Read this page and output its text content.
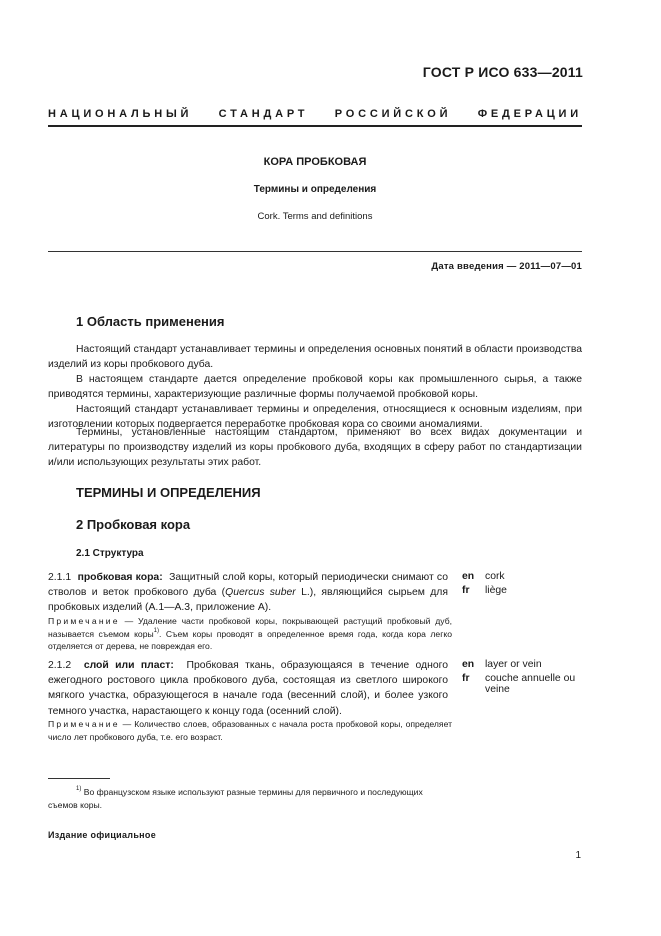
ГОСТ Р ИСО 633—2011
НАЦИОНАЛЬНЫЙ СТАНДАРТ РОССИЙСКОЙ ФЕДЕРАЦИИ
КОРА ПРОБКОВАЯ
Термины и определения
Cork. Terms and definitions
Дата введения — 2011—07—01
1 Область применения
Настоящий стандарт устанавливает термины и определения основных понятий в области производства изделий из коры пробкового дуба.
В настоящем стандарте дается определение пробковой коры как промышленного сырья, а также приводятся термины, характеризующие различные формы получаемой пробковой коры.
Настоящий стандарт устанавливает термины и определения, относящиеся к основным изделиям, при изготовлении которых подвергается переработке пробковая кора со своими аномалиями.
Термины, установленные настоящим стандартом, применяют во всех видах документации и литературы по производству изделий из коры пробкового дуба, входящих в сферу работ по стандартизации и/или использующих результаты этих работ.
ТЕРМИНЫ И ОПРЕДЕЛЕНИЯ
2 Пробковая кора
2.1 Структура
2.1.1 пробковая кора: Защитный слой коры, который периодически снимают со стволов и веток пробкового дуба (Quercus suber L.), являющийся сырьем для пробковых изделий (А.1—А.3, приложение А).
en
fr
cork
liège
Примечание — Удаление части пробковой коры, покрывающей растущий пробковый дуб, называется съемом коры$^{1)}$. Съем коры проводят в определенное время года, когда кора легко отделяется от дерева, не повреждая его.
2.1.2 слой или пласт: Пробковая ткань, образующаяся в течение одного ежегодного ростового цикла пробкового дуба, состоящая из светлого широкого мягкого участка, образующегося в начале года (весенний слой), и более узкого темного участка, нарастающего к концу года (осенний слой).
en
fr
layer or vein
couche annuelle ou veine
Примечание — Количество слоев, образованных с начала роста пробковой коры, определяет число лет пробкового дуба, т.е. его возраст.
$^{1)}$ Во французском языке используют разные термины для первичного и последующих съемов коры.
Издание официальное
1
